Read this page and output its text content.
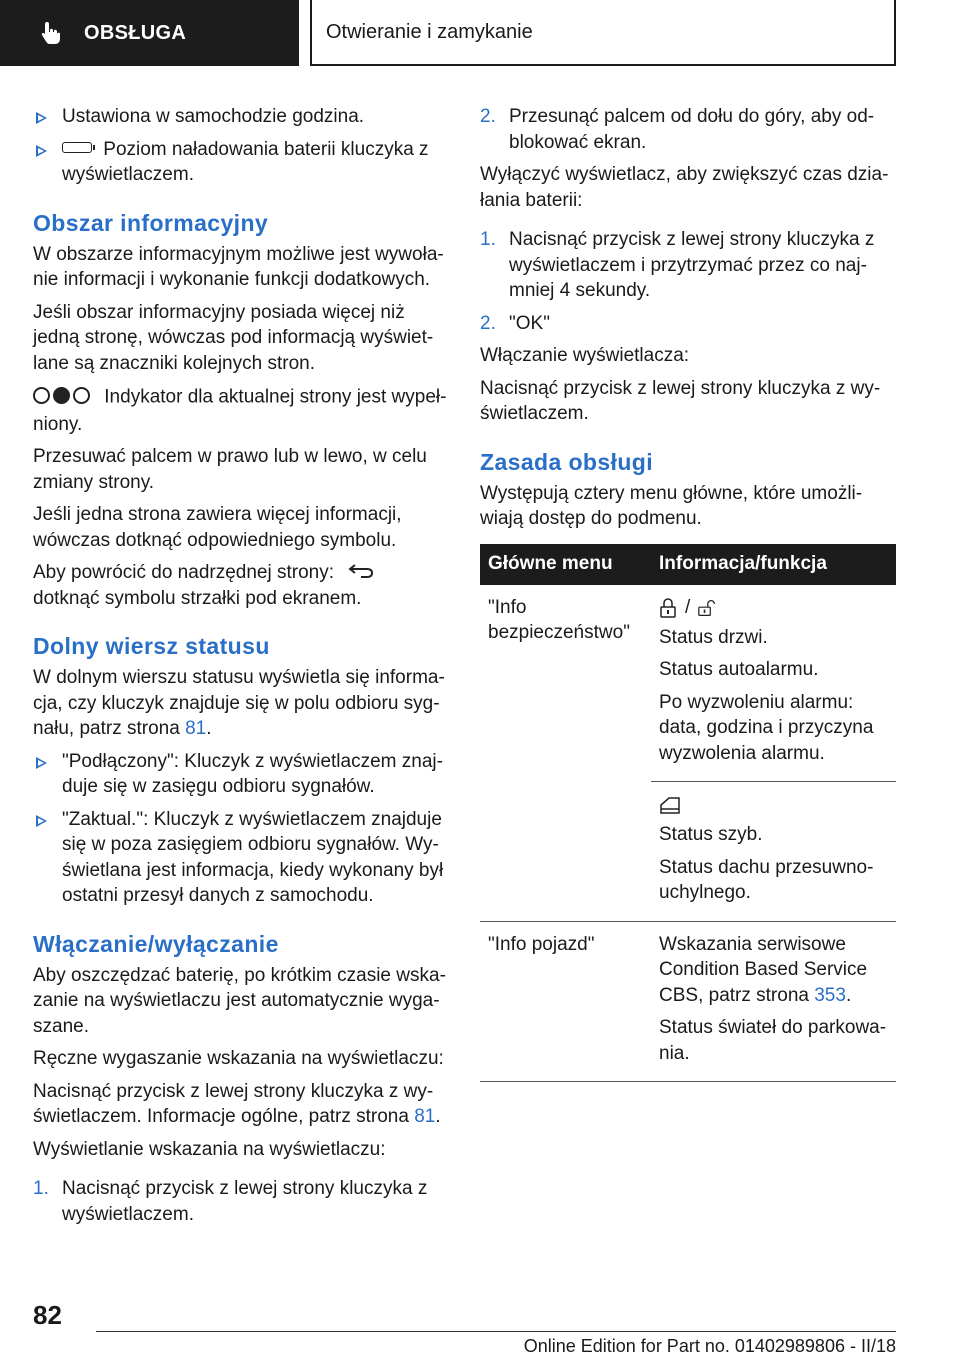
OBSŁUGA	Otwieranie i zamykanie
Ustawiona w samochodzie godzina.
Poziom naładowania baterii kluczyka z wyświetlaczem.
Obszar informacyjny

W obszarze informacyjnym możliwe jest wywołanie informacji i wykonanie funkcji dodatkowych.

Jeśli obszar informacyjny posiada więcej niż jedną stronę, wówczas pod informacją wyświetlane są znaczniki kolejnych stron.

Indykator dla aktualnej strony jest wypełniony.

Przesuwać palcem w prawo lub w lewo, w celu zmiany strony.

Jeśli jedna strona zawiera więcej informacji, wówczas dotknąć odpowiedniego symbolu.

Aby powrócić do nadrzędnej strony:  dotknąć symbolu strzałki pod ekranem.

Dolny wiersz statusu

W dolnym wierszu statusu wyświetla się informacja, czy kluczyk znajduje się w polu odbioru sygnału, patrz strona 81.

"Podłączony": Kluczyk z wyświetlaczem znajduje się w zasięgu odbioru sygnałów.
"Zaktual.": Kluczyk z wyświetlaczem znajduje się w poza zasięgiem odbioru sygnałów. Wyświetlana jest informacja, kiedy wykonany był ostatni przesył danych z samochodu.
Włączanie/wyłączanie

Aby oszczędzać baterię, po krótkim czasie wskazanie na wyświetlaczu jest automatycznie wygaszane.

Ręczne wygaszanie wskazania na wyświetlaczu:

Nacisnąć przycisk z lewej strony kluczyka z wyświetlaczem. Informacje ogólne, patrz strona 81.

Wyświetlanie wskazania na wyświetlaczu:

1. Nacisnąć przycisk z lewej strony kluczyka z wyświetlaczem.
2. Przesunąć palcem od dołu do góry, aby odblokować ekran.

Wyłączyć wyświetlacz, aby zwiększyć czas działania baterii:

1. Nacisnąć przycisk z lewej strony kluczyka z wyświetlaczem i przytrzymać przez co najmniej 4 sekundy.
2. "OK"

Włączanie wyświetlacza:

Nacisnąć przycisk z lewej strony kluczyka z wyświetlaczem.

Zasada obsługi

Występują cztery menu główne, które umożliwiają dostęp do podmenu.

Główne menu	Informacja/funkcja
"Info bezpieczeństwo"	/

Status drzwi.

Status autoalarmu.

Po wyzwoleniu alarmu: data, godzina i przyczyna wyzwolenia alarmu.

	Status szyb.

Status dachu przesuwno-uchylnego.

"Info pojazd"	Wskazania serwisowe Condition Based Service CBS, patrz strona 353.

Status świateł do parkowania.

82
Online Edition for Part no. 01402989806 - II/18
